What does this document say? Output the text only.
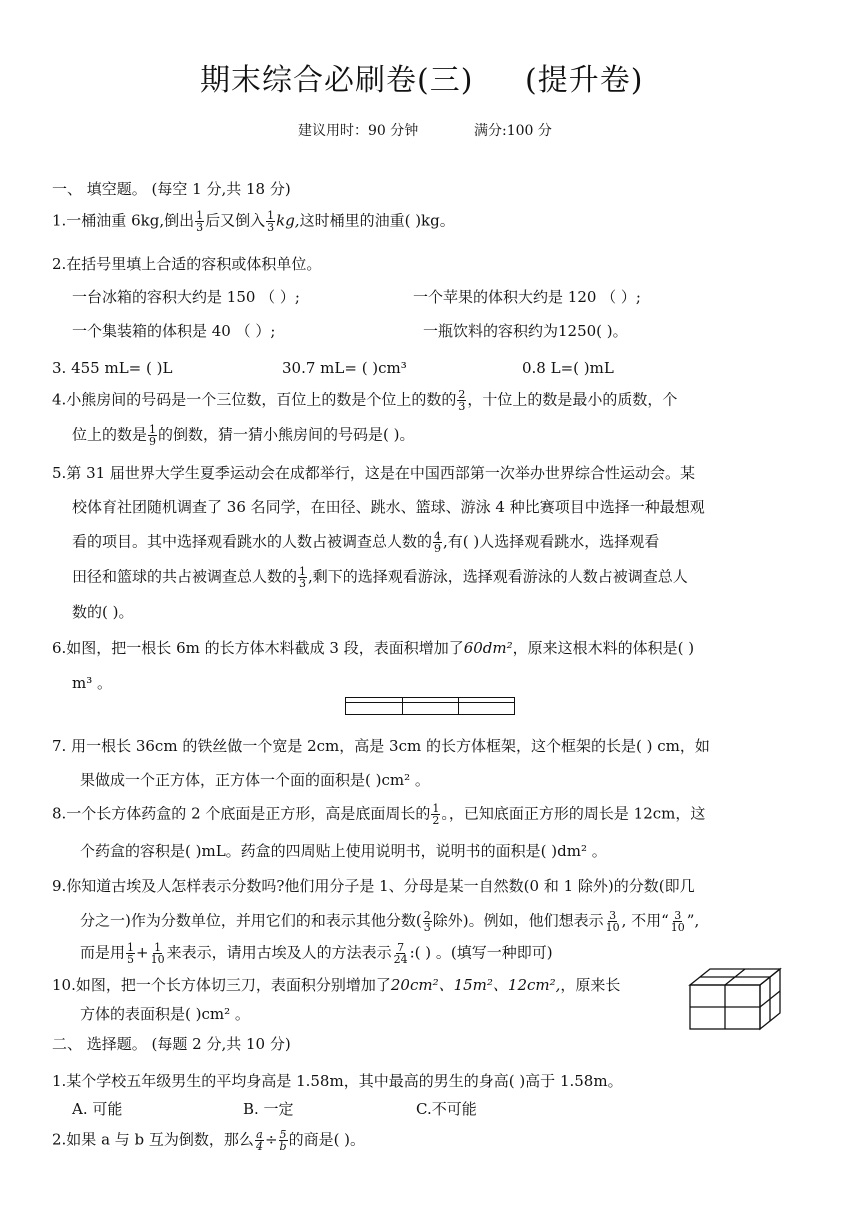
期末综合必刷卷(三) (提升卷)
建议用时：90 分钟	满分:100 分
一、 填空题。 (每空 1 分,共 18 分)
1.一桶油重 6kg,倒出 $\frac{1}{3}$ 后又倒入 $\frac{1}{3}$ kg,这时桶里的油重( )kg。
2.在括号里填上合适的容积或体积单位。
一台冰箱的容积大约是 150 （ ）;	一个苹果的体积大约是 120 （ ）;
一个集装箱的体积是 40 （ ）;	一瓶饮料的容积约为1250( )。
3. 455 mL= ( )L	30.7 mL= ( )cm³	0.8 L=( )mL
4.小熊房间的号码是一个三位数，百位上的数是个位上的数的 $\frac{2}{3}$ ，十位上的数是最小的质数，个
位上的数是 $\frac{1}{9}$ 的倒数，猜一猜小熊房间的号码是( )。
5.第 31 届世界大学生夏季运动会在成都举行，这是在中国西部第一次举办世界综合性运动会。某
校体育社团随机调查了 36 名同学，在田径、跳水、篮球、游泳 4 种比赛项目中选择一种最想观
看的项目。其中选择观看跳水的人数占被调查总人数的 $\frac{4}{9}$ ,有( )人选择观看跳水，选择观看
田径和篮球的共占被调查总人数的 $\frac{1}{3}$ ,剩下的选择观看游泳，选择观看游泳的人数占被调查总人
数的( )。
6.如图，把一根长 6m 的长方体木料截成 3 段，表面积增加了60dm²，原来这根木料的体积是( )
m³ 。
7. 用一根长 36cm 的铁丝做一个宽是 2cm，高是 3cm 的长方体框架，这个框架的长是( ) cm，如
果做成一个正方体，正方体一个面的面积是( )cm² 。
8.一个长方体药盒的 2 个底面是正方形，高是底面周长的 $\frac{1}{2}$ 。，已知底面正方形的周长是 12cm，这
个药盒的容积是( )mL。药盒的四周贴上使用说明书，说明书的面积是( )dm² 。
9.你知道古埃及人怎样表示分数吗?他们用分子是 1、分母是某一自然数(0 和 1 除外)的分数(即几
分之一)作为分数单位，并用它们的和表示其他分数( $\frac{2}{3}$ 除外)。例如，他们想表示 $\frac{3}{10}$ , 不用“ $\frac{3}{10}$ ”,
而是用 $\frac{1}{5} + \frac{1}{10}$ 来表示，请用古埃及人的方法表示 $\frac{7}{24}$ :( ) 。(填写一种即可)
10.如图，把一个长方体切三刀，表面积分别增加了20cm²、15m²、12cm²,，原来长
方体的表面积是( )cm² 。
二、 选择题。 (每题 2 分,共 10 分)
1.某个学校五年级男生的平均身高是 1.58m，其中最高的男生的身高( )高于 1.58m。
A. 可能	B. 一定	C.不可能
2.如果 a 与 b 互为倒数，那么 $\frac{a}{4} \div \frac{5}{b}$ 的商是( )。
